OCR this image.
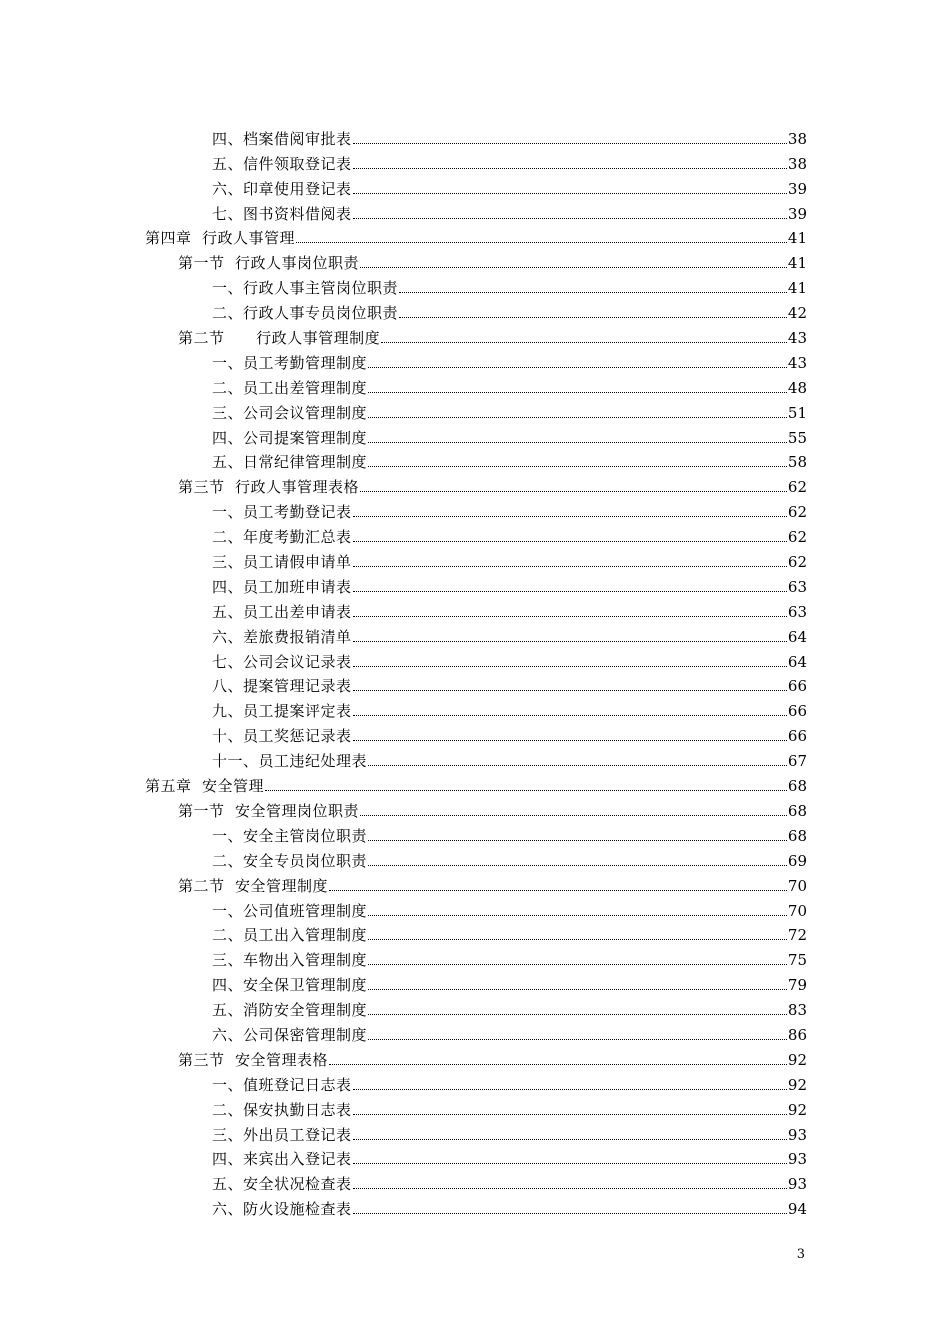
四、档案借阅审批表	38
五、信件领取登记表	38
六、印章使用登记表	39
七、图书资料借阅表	39
第四章  行政人事管理	41
第一节  行政人事岗位职责	41
一、行政人事主管岗位职责	41
二、行政人事专员岗位职责	42
第二节      行政人事管理制度	43
一、员工考勤管理制度	43
二、员工出差管理制度	48
三、公司会议管理制度	51
四、公司提案管理制度	55
五、日常纪律管理制度	58
第三节  行政人事管理表格	62
一、员工考勤登记表	62
二、年度考勤汇总表	62
三、员工请假申请单	62
四、员工加班申请表	63
五、员工出差申请表	63
六、差旅费报销清单	64
七、公司会议记录表	64
八、提案管理记录表	66
九、员工提案评定表	66
十、员工奖惩记录表	66
十一、员工违纪处理表	67
第五章  安全管理	68
第一节  安全管理岗位职责	68
一、安全主管岗位职责	68
二、安全专员岗位职责	69
第二节  安全管理制度	70
一、公司值班管理制度	70
二、员工出入管理制度	72
三、车物出入管理制度	75
四、安全保卫管理制度	79
五、消防安全管理制度	83
六、公司保密管理制度	86
第三节  安全管理表格	92
一、值班登记日志表	92
二、保安执勤日志表	92
三、外出员工登记表	93
四、来宾出入登记表	93
五、安全状况检查表	93
六、防火设施检查表	94
3
